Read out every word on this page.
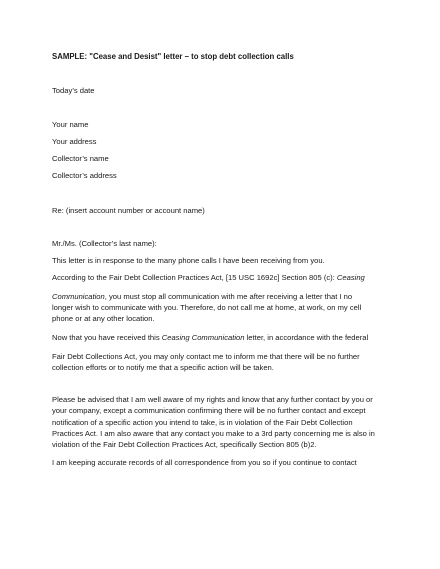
SAMPLE: "Cease and Desist" letter – to stop debt collection calls
Today’s date
Your name
Your address
Collector’s name
Collector’s address
Re: (insert account number or account name)
Mr./Ms. (Collector’s last name):
This letter is in response to the many phone calls I have been receiving from you.
According to the Fair Debt Collection Practices Act, [15 USC 1692c] Section 805 (c): Ceasing
Communication, you must stop all communication with me after receiving a letter that I no
longer wish to communicate with you. Therefore, do not call me at home, at work, on my cell
phone or at any other location.
Now that you have received this Ceasing Communication letter, in accordance with the federal
Fair Debt Collections Act, you may only contact me to inform me that there will be no further
collection efforts or to notify me that a specific action will be taken.
Please be advised that I am well aware of my rights and know that any further contact by you or
your company, except a communication confirming there will be no further contact and except
notification of a specific action you intend to take, is in violation of the Fair Debt Collection
Practices Act. I am also aware that any contact you make to a 3rd party concerning me is also in
violation of the Fair Debt Collection Practices Act, specifically Section 805 (b)2.
I am keeping accurate records of all correspondence from you so if you continue to contact
